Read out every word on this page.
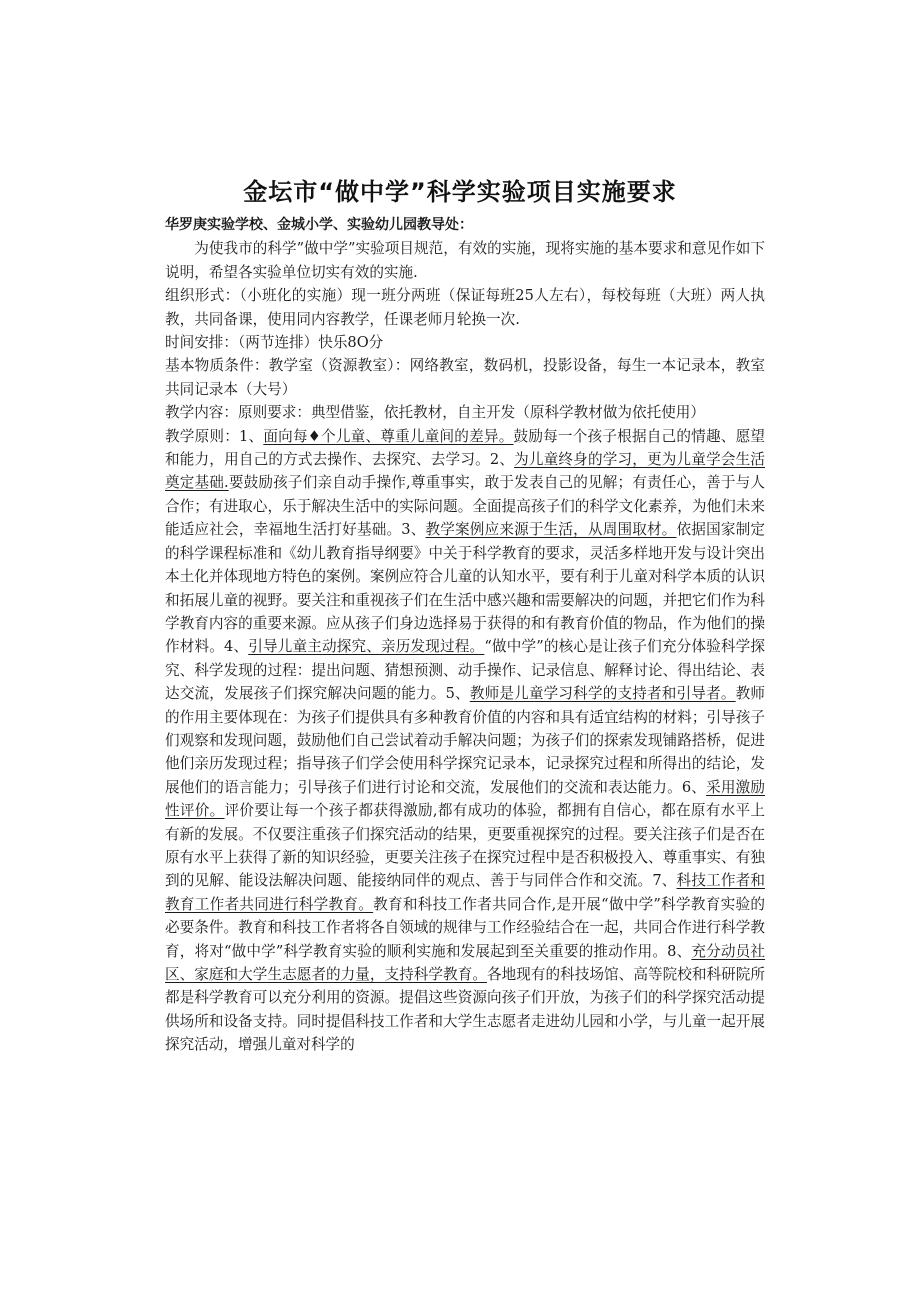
金坛市“做中学”科学实验项目实施要求

华罗庚实验学校、金城小学、实验幼儿园教导处：

为使我市的科学”做中学”实验项目规范，有效的实施，现将实施的基本要求和意见作如下说明，希望各实验单位切实有效的实施.

组织形式：（小班化的实施）现一班分两班（保证每班25人左右），每校每班（大班）两人执教，共同备课，使用同内容教学，任课老师月轮换一次.

时间安排：（两节连排）快乐8O分

基本物质条件：教学室（资源教室）：网络教室，数码机，投影设备，每生一本记录本，教室共同记录本（大号）

教学内容：原则要求：典型借鉴，依托教材，自主开发（原科学教材做为依托使用）

教学原则：1、面向每♦个儿童、尊重儿童间的差异。鼓励每一个孩子根据自己的情趣、愿望和能力，用自己的方式去操作、去探究、去学习。2、为儿童终身的学习，更为儿童学会生活奠定基础.要鼓励孩子们亲自动手操作,尊重事实，敢于发表自己的见解；有责任心，善于与人合作；有进取心，乐于解决生活中的实际问题。全面提高孩子们的科学文化素养，为他们未来能适应社会，幸福地生活打好基础。3、教学案例应来源于生活，从周围取材。依据国家制定的科学课程标准和《幼儿教育指导纲要》中关于科学教育的要求，灵活多样地开发与设计突出本土化并体现地方特色的案例。案例应符合儿童的认知水平，要有利于儿童对科学本质的认识和拓展儿童的视野。要关注和重视孩子们在生活中感兴趣和需要解决的问题，并把它们作为科学教育内容的重要来源。应从孩子们身边选择易于获得的和有教育价值的物品，作为他们的操作材料。4、引导儿童主动探究、亲历发现过程。“做中学”的核心是让孩子们充分体验科学探究、科学发现的过程：提出问题、猜想预测、动手操作、记录信息、解释讨论、得出结论、表达交流，发展孩子们探究解决问题的能力。5、教师是儿童学习科学的支持者和引导者。教师的作用主要体现在：为孩子们提供具有多种教育价值的内容和具有适宜结构的材料；引导孩子们观察和发现问题，鼓励他们自己尝试着动手解决问题；为孩子们的探索发现铺路搭桥，促进他们亲历发现过程；指导孩子们学会使用科学探究记录本，记录探究过程和所得出的结论，发展他们的语言能力；引导孩子们进行讨论和交流，发展他们的交流和表达能力。6、采用激励性评价。评价要让每一个孩子都获得激励,都有成功的体验，都拥有自信心，都在原有水平上有新的发展。不仅要注重孩子们探究活动的结果，更要重视探究的过程。要关注孩子们是否在原有水平上获得了新的知识经验，更要关注孩子在探究过程中是否积极投入、尊重事实、有独到的见解、能设法解决问题、能接纳同伴的观点、善于与同伴合作和交流。7、科技工作者和教育工作者共同进行科学教育。教育和科技工作者共同合作,是开展“做中学”科学教育实验的必要条件。教育和科技工作者将各自领域的规律与工作经验结合在一起，共同合作进行科学教育，将对“做中学”科学教育实验的顺利实施和发展起到至关重要的推动作用。8、充分动员社区、家庭和大学生志愿者的力量，支持科学教育。各地现有的科技场馆、高等院校和科研院所都是科学教育可以充分利用的资源。提倡这些资源向孩子们开放，为孩子们的科学探究活动提供场所和设备支持。同时提倡科技工作者和大学生志愿者走进幼儿园和小学，与儿童一起开展探究活动，增强儿童对科学的
